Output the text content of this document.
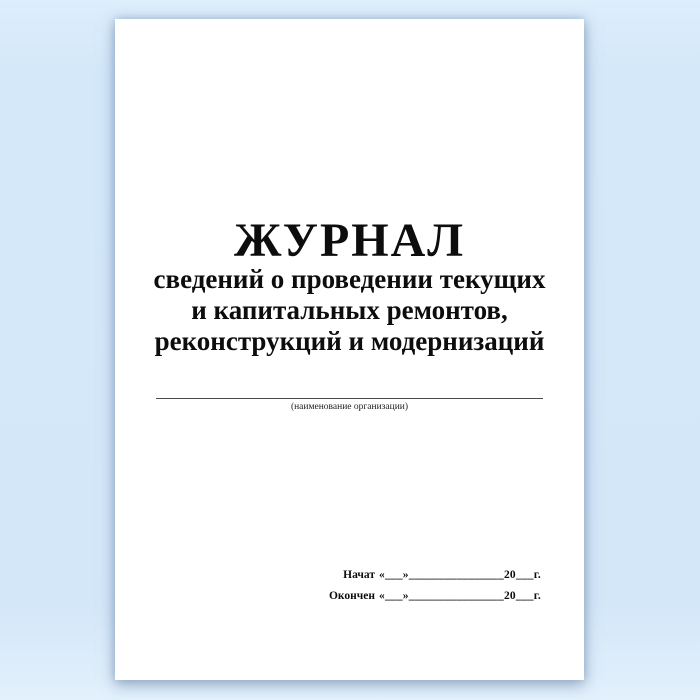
ЖУРНАЛ
сведений о проведении текущих
и капитальных ремонтов,
реконструкций и модернизаций
(наименование организации)
Начат «___»________________20___г.
Окончен «___»________________20___г.
